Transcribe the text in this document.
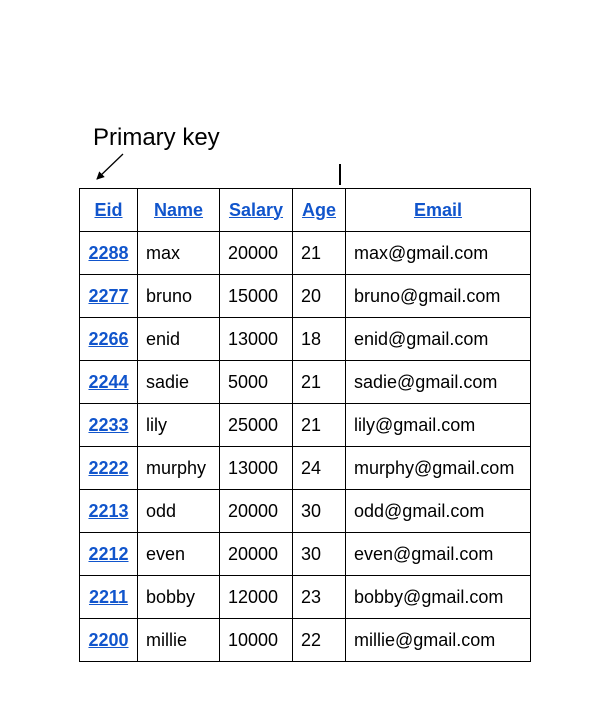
Primary key
Eid	Name	Salary	Age	Email
2288	max	20000	21	max@gmail.com
2277	bruno	15000	20	bruno@gmail.com
2266	enid	13000	18	enid@gmail.com
2244	sadie	5000	21	sadie@gmail.com
2233	lily	25000	21	lily@gmail.com
2222	murphy	13000	24	murphy@gmail.com
2213	odd	20000	30	odd@gmail.com
2212	even	20000	30	even@gmail.com
2211	bobby	12000	23	bobby@gmail.com
2200	millie	10000	22	millie@gmail.com
